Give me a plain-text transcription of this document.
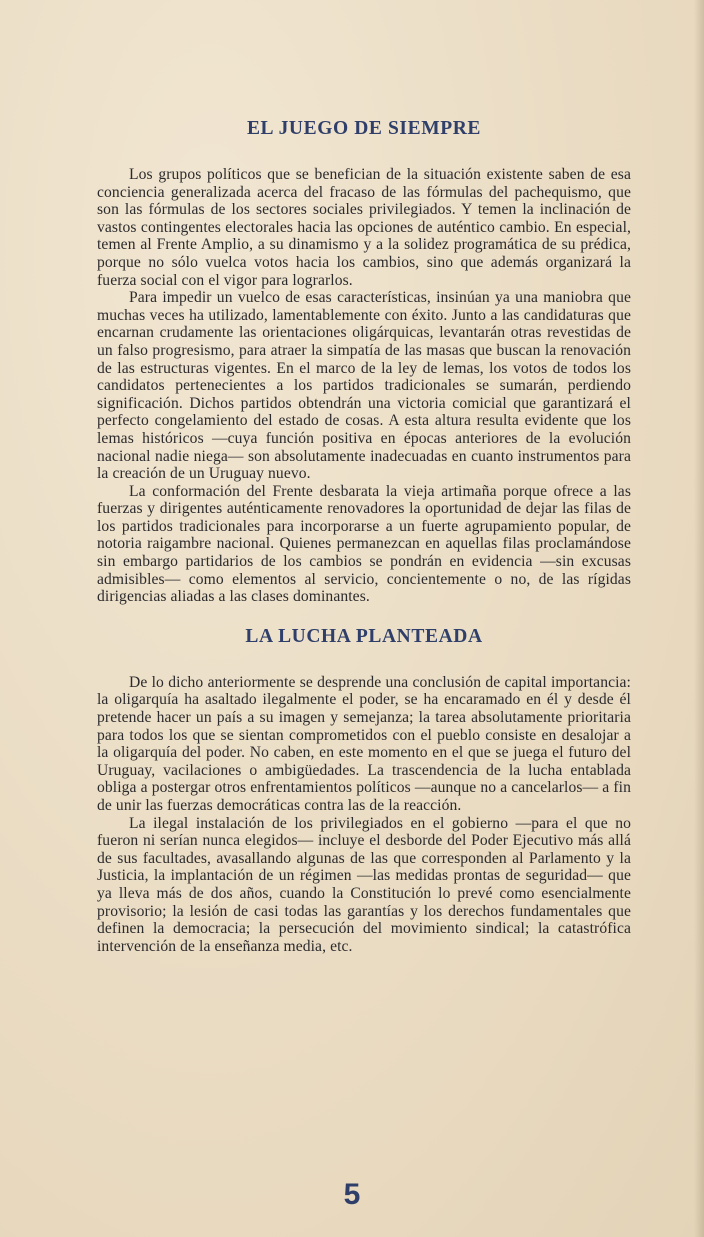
EL JUEGO DE SIEMPRE

Los grupos políticos que se benefician de la situación existente saben de esa conciencia generalizada acerca del fracaso de las fórmulas del pachequismo, que son las fórmulas de los sectores sociales privilegiados. Y temen la inclinación de vastos contingentes electorales hacia las opciones de auténtico cambio. En especial, temen al Frente Amplio, a su dinamismo y a la solidez programática de su prédica, porque no sólo vuelca votos hacia los cambios, sino que además organizará la fuerza social con el vigor para lograrlos.

Para impedir un vuelco de esas características, insinúan ya una maniobra que muchas veces ha utilizado, lamentablemente con éxito. Junto a las candidaturas que encarnan crudamente las orientaciones oligárquicas, levantarán otras revestidas de un falso progresismo, para atraer la simpatía de las masas que buscan la renovación de las estructuras vigentes. En el marco de la ley de lemas, los votos de todos los candidatos pertenecientes a los partidos tradicionales se sumarán, perdiendo significación. Dichos partidos obtendrán una victoria comicial que garantizará el perfecto congelamiento del estado de cosas. A esta altura resulta evidente que los lemas históricos —cuya función positiva en épocas anteriores de la evolución nacional nadie niega— son absolutamente inadecuadas en cuanto instrumentos para la creación de un Uruguay nuevo.

La conformación del Frente desbarata la vieja artimaña porque ofrece a las fuerzas y dirigentes auténticamente renovadores la oportunidad de dejar las filas de los partidos tradicionales para incorporarse a un fuerte agrupamiento popular, de notoria raigambre nacional. Quienes permanezcan en aquellas filas proclamándose sin embargo partidarios de los cambios se pondrán en evidencia —sin excusas admisibles— como elementos al servicio, concientemente o no, de las rígidas dirigencias aliadas a las clases dominantes.

LA LUCHA PLANTEADA

De lo dicho anteriormente se desprende una conclusión de capital importancia: la oligarquía ha asaltado ilegalmente el poder, se ha encaramado en él y desde él pretende hacer un país a su imagen y semejanza; la tarea absolutamente prioritaria para todos los que se sientan comprometidos con el pueblo consiste en desalojar a la oligarquía del poder. No caben, en este momento en el que se juega el futuro del Uruguay, vacilaciones o ambigüedades. La trascendencia de la lucha entablada obliga a postergar otros enfrentamientos políticos —aunque no a cancelarlos— a fin de unir las fuerzas democráticas contra las de la reacción.

La ilegal instalación de los privilegiados en el gobierno —para el que no fueron ni serían nunca elegidos— incluye el desborde del Poder Ejecutivo más allá de sus facultades, avasallando algunas de las que corresponden al Parlamento y la Justicia, la implantación de un régimen —las medidas prontas de seguridad— que ya lleva más de dos años, cuando la Constitución lo prevé como esencialmente provisorio; la lesión de casi todas las garantías y los derechos fundamentales que definen la democracia; la persecución del movimiento sindical; la catastrófica intervención de la enseñanza media, etc.

5
